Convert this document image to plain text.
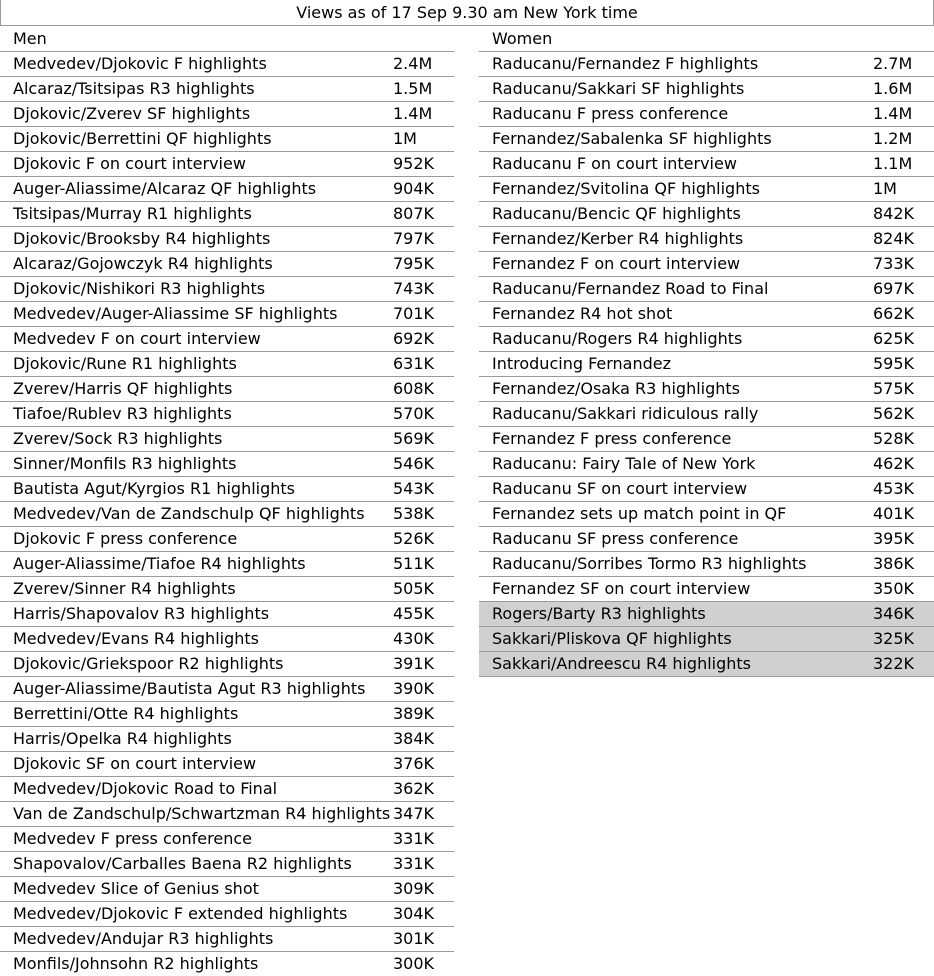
Views as of 17 Sep 9.30 am New York time
Men
Medvedev/Djokovic F highlights	2.4M
Alcaraz/Tsitsipas R3 highlights	1.5M
Djokovic/Zverev SF highlights	1.4M
Djokovic/Berrettini QF highlights	1M
Djokovic F on court interview	952K
Auger-Aliassime/Alcaraz QF highlights	904K
Tsitsipas/Murray R1 highlights	807K
Djokovic/Brooksby R4 highlights	797K
Alcaraz/Gojowczyk R4 highlights	795K
Djokovic/Nishikori R3 highlights	743K
Medvedev/Auger-Aliassime SF highlights	701K
Medvedev F on court interview	692K
Djokovic/Rune R1 highlights	631K
Zverev/Harris QF highlights	608K
Tiafoe/Rublev R3 highlights	570K
Zverev/Sock R3 highlights	569K
Sinner/Monfils R3 highlights	546K
Bautista Agut/Kyrgios R1 highlights	543K
Medvedev/Van de Zandschulp QF highlights 538K
Djokovic F press conference	526K
Auger-Aliassime/Tiafoe R4 highlights	511K
Zverev/Sinner R4 highlights	505K
Harris/Shapovalov R3 highlights	455K
Medvedev/Evans R4 highlights	430K
Djokovic/Griekspoor R2 highlights	391K
Auger-Aliassime/Bautista Agut R3 highlights 390K
Berrettini/Otte R4 highlights	389K
Harris/Opelka R4 highlights	384K
Djokovic SF on court interview	376K
Medvedev/Djokovic Road to Final	362K
Van de Zandschulp/Schwartzman R4 highlights 347K
Medvedev F press conference	331K
Shapovalov/Carballes Baena R2 highlights	331K
Medvedev Slice of Genius shot	309K
Medvedev/Djokovic F extended highlights	304K
Medvedev/Andujar R3 highlights	301K
Monfils/Johnsohn R2 highlights	300K
Women
Raducanu/Fernandez F highlights	2.7M
Raducanu/Sakkari SF highlights	1.6M
Raducanu F press conference	1.4M
Fernandez/Sabalenka SF highlights	1.2M
Raducanu F on court interview	1.1M
Fernandez/Svitolina QF highlights	1M
Raducanu/Bencic QF highlights	842K
Fernandez/Kerber R4 highlights	824K
Fernandez F on court interview	733K
Raducanu/Fernandez Road to Final	697K
Fernandez R4 hot shot	662K
Raducanu/Rogers R4 highlights	625K
Introducing Fernandez	595K
Fernandez/Osaka R3 highlights	575K
Raducanu/Sakkari ridiculous rally	562K
Fernandez F press conference	528K
Raducanu: Fairy Tale of New York	462K
Raducanu SF on court interview	453K
Fernandez sets up match point in QF	401K
Raducanu SF press conference	395K
Raducanu/Sorribes Tormo R3 highlights	386K
Fernandez SF on court interview	350K
Rogers/Barty R3 highlights	346K
Sakkari/Pliskova QF highlights	325K
Sakkari/Andreescu R4 highlights	322K
